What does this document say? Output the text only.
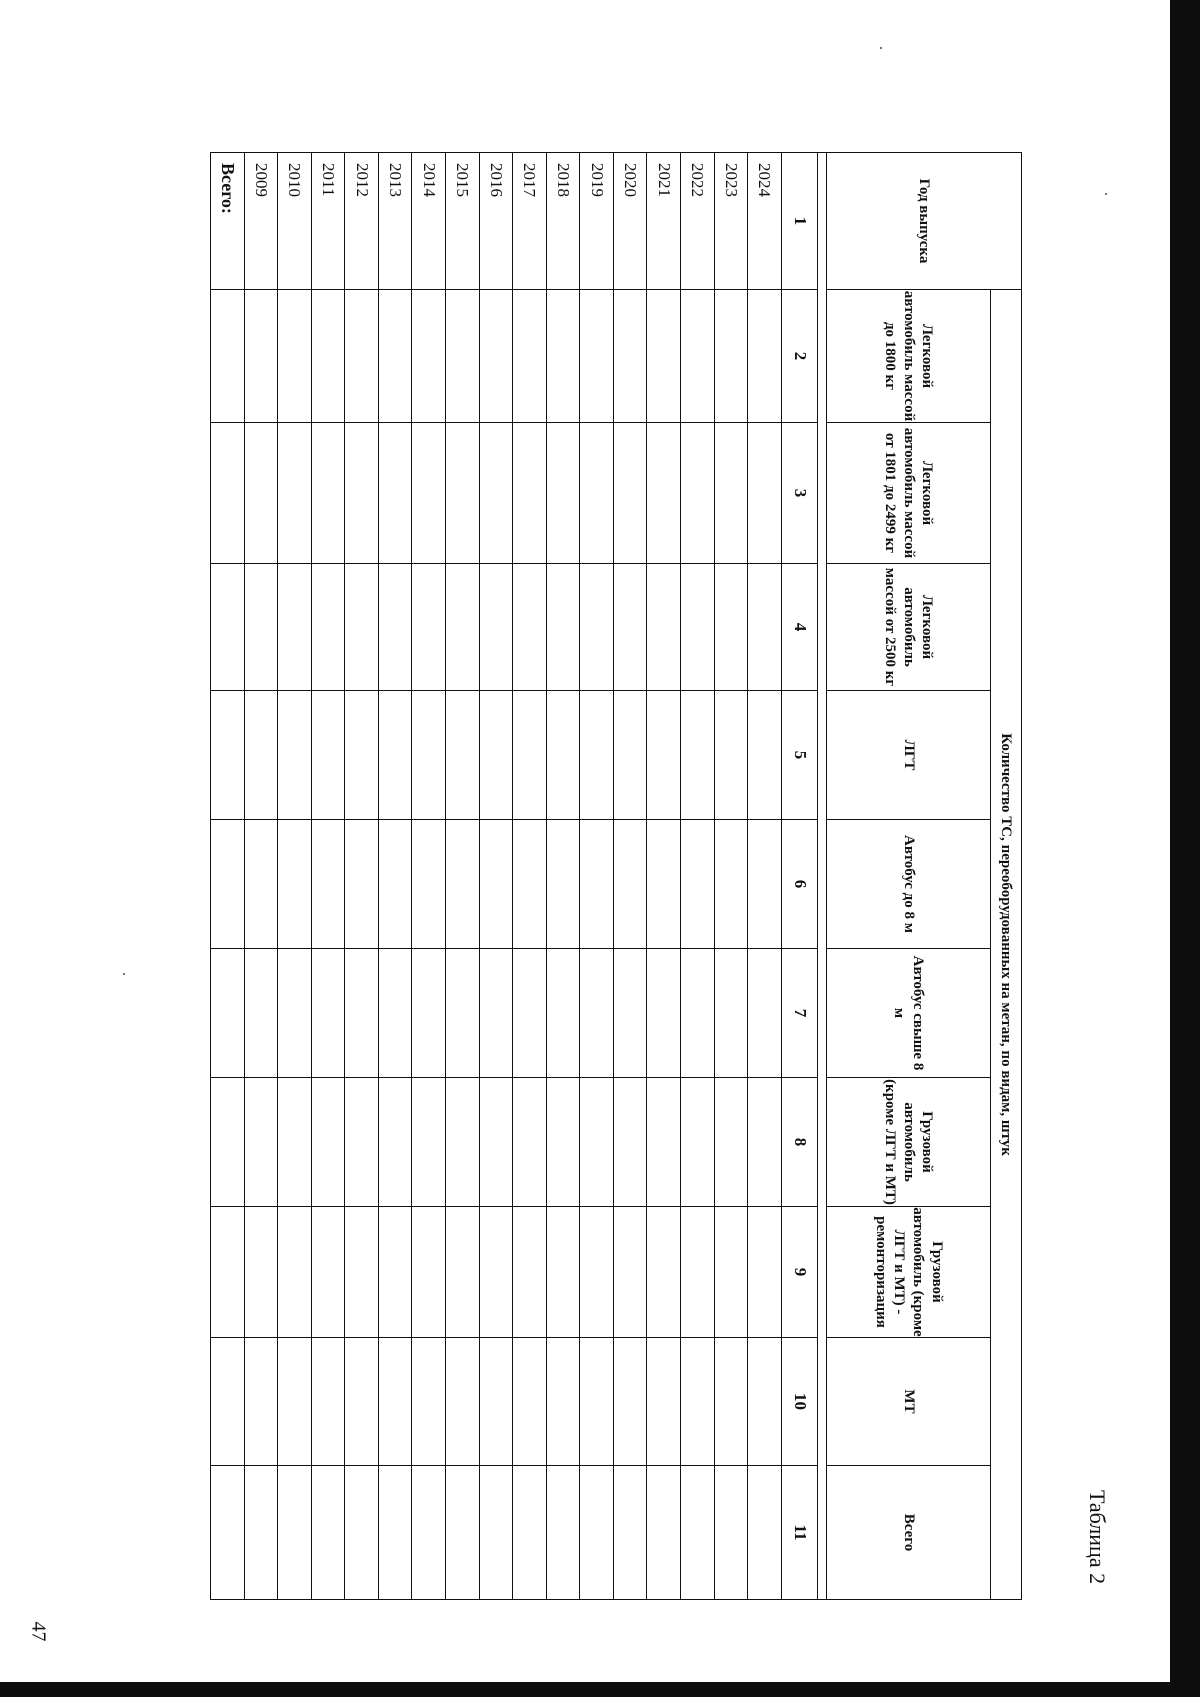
Таблица 2
Год выпуска	Количество ТС, переоборудованных на метан, по видам, штук									
	Легковой автомобиль массой до 1800 кг	Легковой автомобиль массой от 1801 до 2499 кг	Легковой автомобиль массой от 2500 кг	ЛГТ	Автобус до 8 м	Автобус свыше 8 м	Грузовой автомобиль (кроме ЛГТ и МТ)	Грузовой автомобиль (кроме ЛГТ и МТ) - ремонторизация	МТ	Всего

1	2	3	4	5	6	7	8	9	10	11
2024										
2023										
2022										
2021										
2020										
2019										
2018										
2017										
2016										
2015										
2014										
2013										
2012										
2011										
2010										
2009										
Всего:										
47
